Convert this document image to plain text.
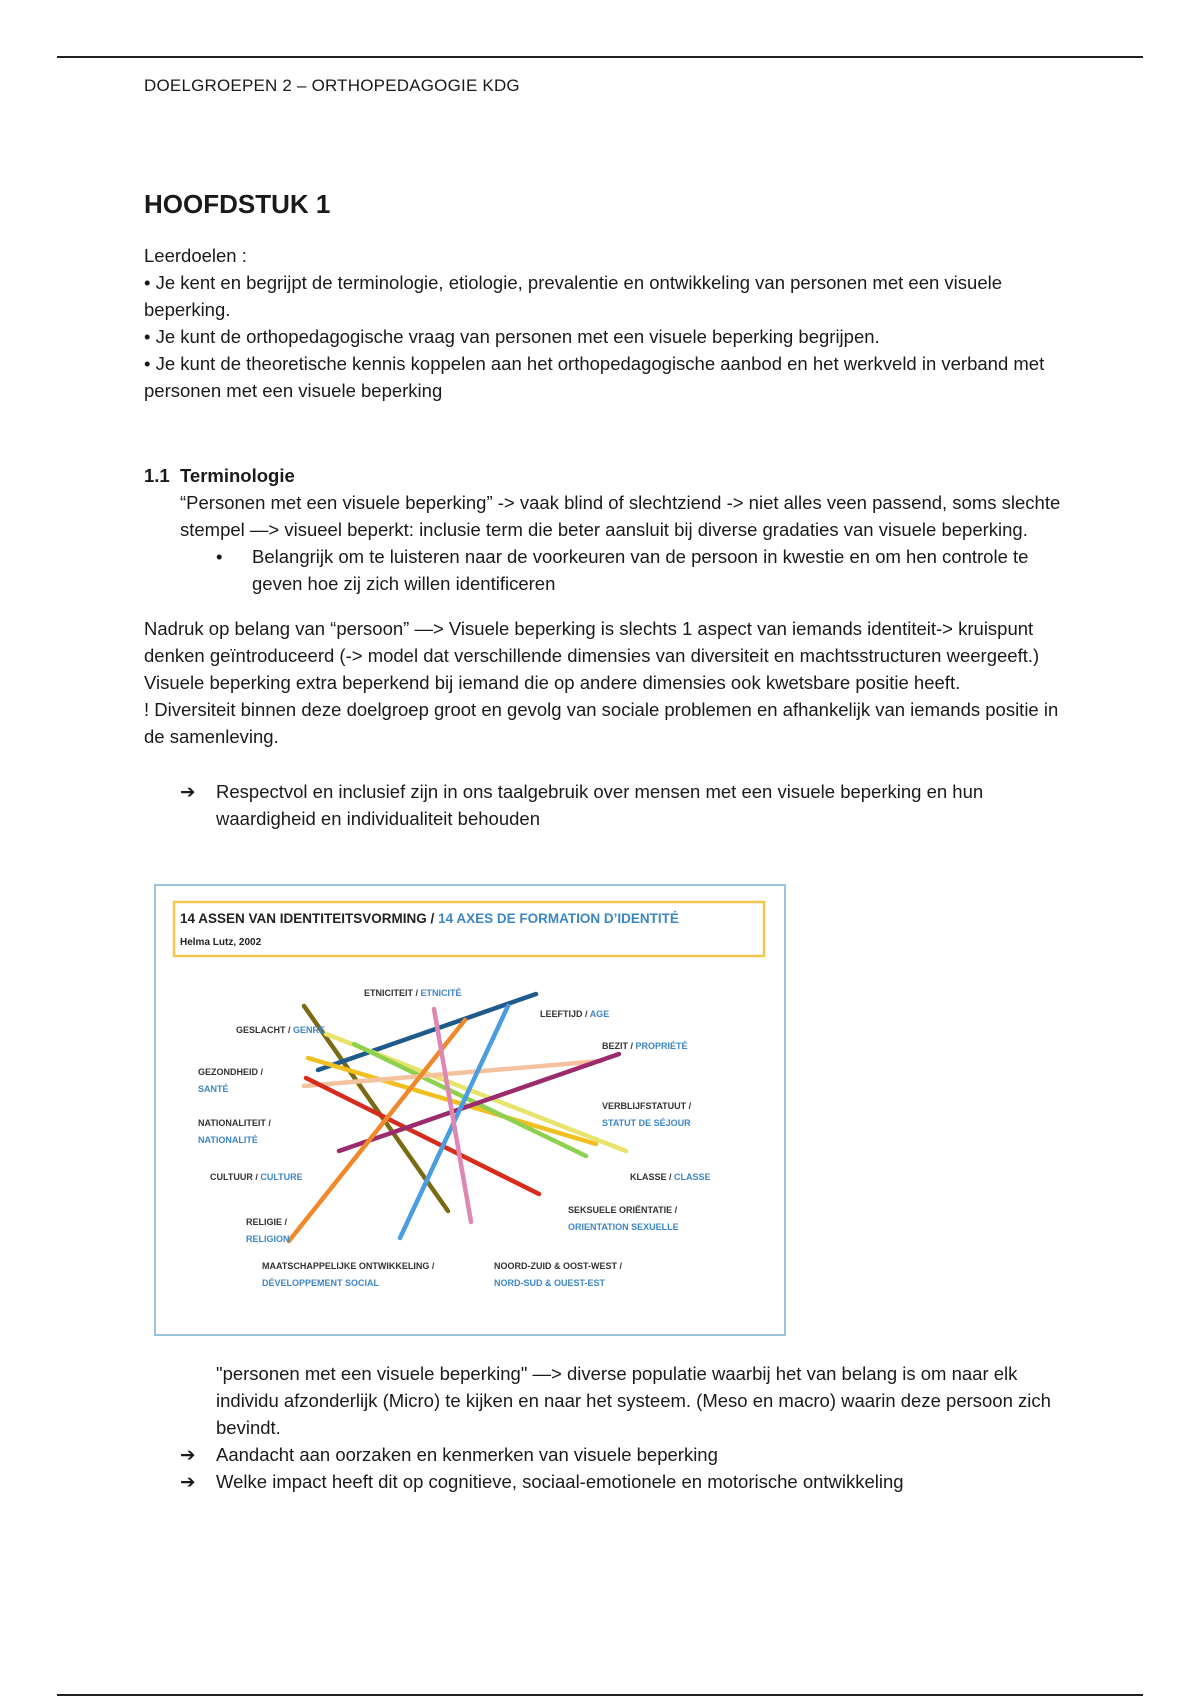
DOELGROEPEN 2 – ORTHOPEDAGOGIE KDG
HOOFDSTUK 1

Leerdoelen :

• Je kent en begrijpt de terminologie, etiologie, prevalentie en ontwikkeling van personen met een visuele beperking.

• Je kunt de orthopedagogische vraag van personen met een visuele beperking begrijpen.

• Je kunt de theoretische kennis koppelen aan het orthopedagogische aanbod en het werkveld in verband met personen met een visuele beperking

1.1 Terminologie

“Personen met een visuele beperking” -> vaak blind of slechtziend -> niet alles veen passend, soms slechte stempel —> visueel beperkt: inclusie term die beter aansluit bij diverse gradaties van visuele beperking.

•	Belangrijk om te luisteren naar de voorkeuren van de persoon in kwestie en om hen controle te geven hoe zij zich willen identificeren

Nadruk op belang van “persoon” —> Visuele beperking is slechts 1 aspect van iemands identiteit-> kruispunt denken geïntroduceerd (-> model dat verschillende dimensies van diversiteit en machtsstructuren weergeeft.) Visuele beperking extra beperkend bij iemand die op andere dimensies ook kwetsbare positie heeft.

! Diversiteit binnen deze doelgroep groot en gevolg van sociale problemen en afhankelijk van iemands positie in de samenleving.

➔	Respectvol en inclusief zijn in ons taalgebruik over mensen met een visuele beperking en hun waardigheid en individualiteit behouden
14 ASSEN VAN IDENTITEITSVORMING / 14 AXES DE FORMATION D’IDENTITÉ
Helma Lutz, 2002
ETNICITEIT / ETNICITÉ
LEEFTIJD / AGE
GESLACHT / GENRE
BEZIT / PROPRIÉTÉ
GEZONDHEID /
SANTÉ
VERBLIJFSTATUUT /
STATUT DE SÉJOUR
NATIONALITEIT /
NATIONALITÉ
CULTUUR / CULTURE	KLASSE / CLASSE
SEKSUELE ORIËNTATIE /
ORIENTATION SEXUELLE
RELIGIE /
RELIGION
MAATSCHAPPELIJKE ONTWIKKELING /
DÉVELOPPEMENT SOCIAL
NOORD-ZUID & OOST-WEST /
NORD-SUD & OUEST-EST

"personen met een visuele beperking" —> diverse populatie waarbij het van belang is om naar elk individu afzonderlijk (Micro) te kijken en naar het systeem. (Meso en macro) waarin deze persoon zich bevindt.

➔	Aandacht aan oorzaken en kenmerken van visuele beperking
➔	Welke impact heeft dit op cognitieve, sociaal-emotionele en motorische ontwikkeling
